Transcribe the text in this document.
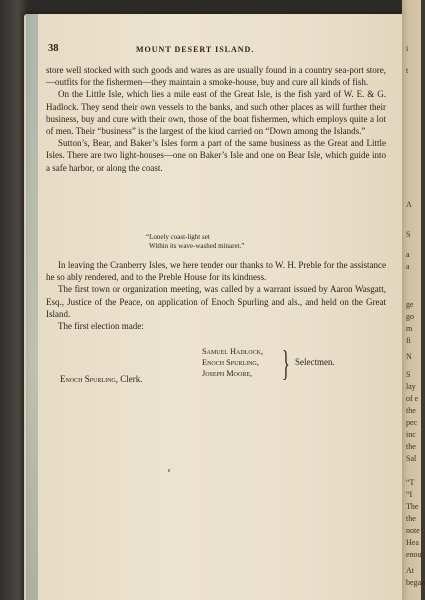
38	MOUNT DESERT ISLAND.

store well stocked with such goods and wares as are usually found in a country sea-port store,—outfits for the fishermen—they maintain a smoke-house, buy and cure all kinds of fish.

On the Little Isle, which lies a mile east of the Great Isle, is the fish yard of W. E. & G. Hadlock. They send their own vessels to the banks, and such other places as will further their business, buy and cure with their own, those of the boat fishermen, which employs quite a lot of men. Their “business” is the largest of the kiud carried on “Down among the Islands.”

Sutton’s, Bear, and Baker’s Isles form a part of the same business as the Great and Little Isles. There are two light-houses—one on Baker’s Isle and one on Bear Isle, which guide into a safe harbor, or along the coast.

“Lonely coast-light set
Within its wave-washed minaret.”

In leaving the Cranberry Isles, we here tender our thanks to W. H. Preble for the assistance he so ably rendered, and to the Preble House for its kindness.

The first town or organization meeting, was called by a warrant issued by Aaron Wasgatt, Esq., Justice of the Peace, on application of Enoch Spurling and als., and held on the Great Island.

The first election made:

Samuel Hadlock,
Enoch Spurling,
Joseph Moore, } Selectmen.
Enoch Spurling, Clerk.
i
t
A
S
a
a
ge
go
m
fi
N
S
lay
of e
the
pec
inc
the
Sal
“T
“I
The
the
note
Hea
enou
At
began
